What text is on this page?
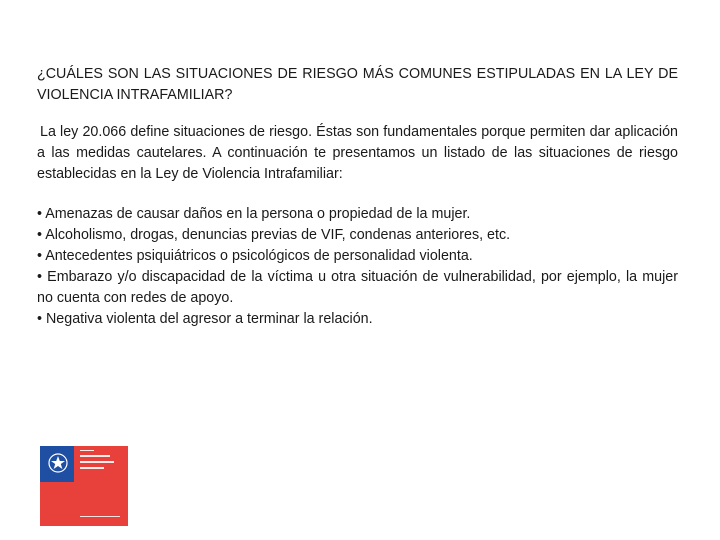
¿CUÁLES SON LAS SITUACIONES DE RIESGO MÁS COMUNES ESTIPULADAS EN LA LEY DE VIOLENCIA INTRAFAMILIAR?

La ley 20.066 define situaciones de riesgo. Éstas son fundamentales porque permiten dar aplicación a las medidas cautelares. A continuación te presentamos un listado de las situaciones de riesgo establecidas en la Ley de Violencia Intrafamiliar:

• Amenazas de causar daños en la persona o propiedad de la mujer.
• Alcoholismo, drogas, denuncias previas de VIF, condenas anteriores, etc.
• Antecedentes psiquiátricos o psicológicos de personalidad violenta.
• Embarazo y/o discapacidad de la víctima u otra situación de vulnerabilidad, por ejemplo, la mujer no cuenta con redes de apoyo.
• Negativa violenta del agresor a terminar la relación.
